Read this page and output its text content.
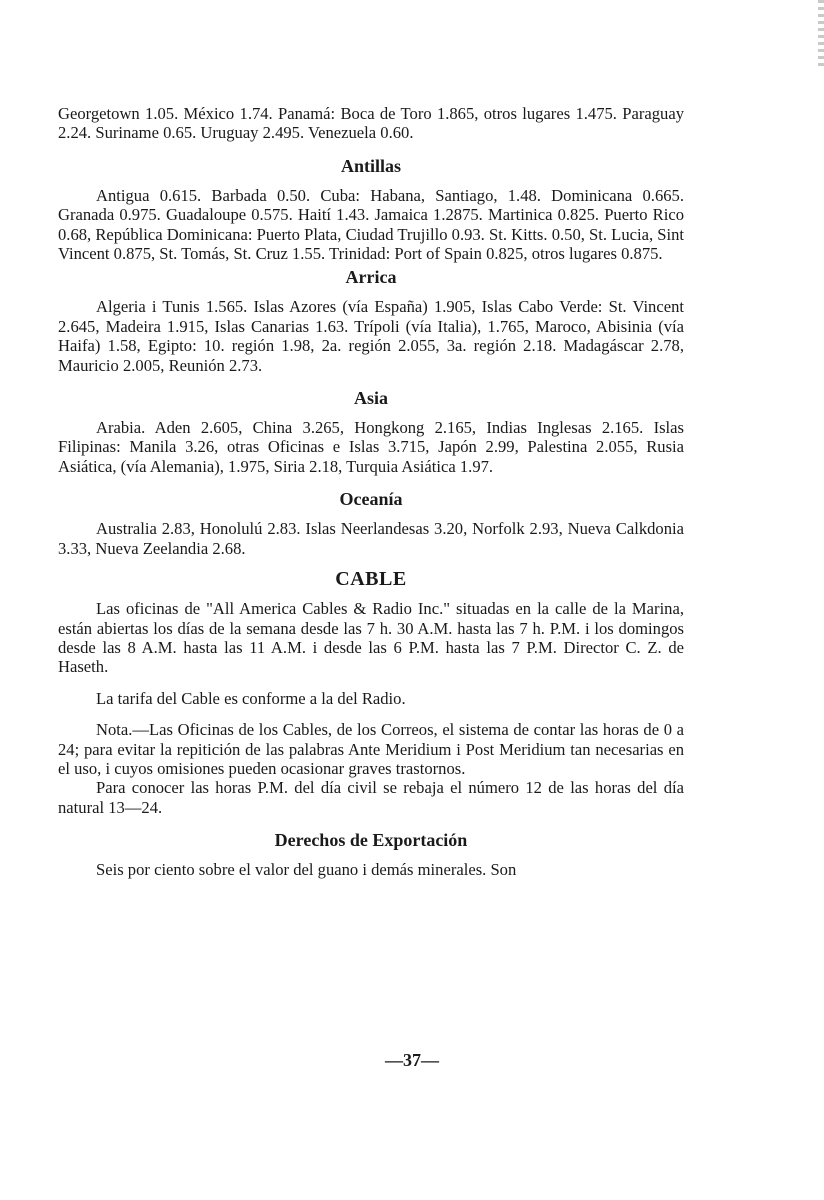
Georgetown 1.05. México 1.74. Panamá: Boca de Toro 1.865, otros lugares 1.475. Paraguay 2.24. Suriname 0.65. Uruguay 2.495. Venezuela 0.60.

Antillas

Antigua 0.615. Barbada 0.50. Cuba: Habana, Santiago, 1.48. Dominicana 0.665. Granada 0.975. Guadaloupe 0.575. Haití 1.43. Jamaica 1.2875. Martinica 0.825. Puerto Rico 0.68, República Dominicana: Puerto Plata, Ciudad Trujillo 0.93. St. Kitts. 0.50, St. Lucia, Sint Vincent 0.875, St. Tomás, St. Cruz 1.55. Trinidad: Port of Spain 0.825, otros lugares 0.875.

Arrica

Algeria i Tunis 1.565. Islas Azores (vía España) 1.905, Islas Cabo Verde: St. Vincent 2.645, Madeira 1.915, Islas Canarias 1.63. Trípoli (vía Italia), 1.765, Maroco, Abisinia (vía Haifa) 1.58, Egipto: 10. región 1.98, 2a. región 2.055, 3a. región 2.18. Madagáscar 2.78, Mauricio 2.005, Reunión 2.73.

Asia

Arabia. Aden 2.605, China 3.265, Hongkong 2.165, Indias Inglesas 2.165. Islas Filipinas: Manila 3.26, otras Oficinas e Islas 3.715, Japón 2.99, Palestina 2.055, Rusia Asiática, (vía Alemania), 1.975, Siria 2.18, Turquia Asiática 1.97.

Oceanía

Australia 2.83, Honolulú 2.83. Islas Neerlandesas 3.20, Norfolk 2.93, Nueva Calkdonia 3.33, Nueva Zeelandia 2.68.

CABLE

Las oficinas de "All America Cables & Radio Inc." situadas en la calle de la Marina, están abiertas los días de la semana desde las 7 h. 30 A.M. hasta las 7 h. P.M. i los domingos desde las 8 A.M. hasta las 11 A.M. i desde las 6 P.M. hasta las 7 P.M. Director C. Z. de Haseth.

La tarifa del Cable es conforme a la del Radio.

Nota.—Las Oficinas de los Cables, de los Correos, el sistema de contar las horas de 0 a 24; para evitar la repitición de las palabras Ante Meridium i Post Meridium tan necesarias en el uso, i cuyos omisiones pueden ocasionar graves trastornos.

Para conocer las horas P.M. del día civil se rebaja el número 12 de las horas del día natural 13—24.

Derechos de Exportación

Seis por ciento sobre el valor del guano i demás minerales. Son

—37—
